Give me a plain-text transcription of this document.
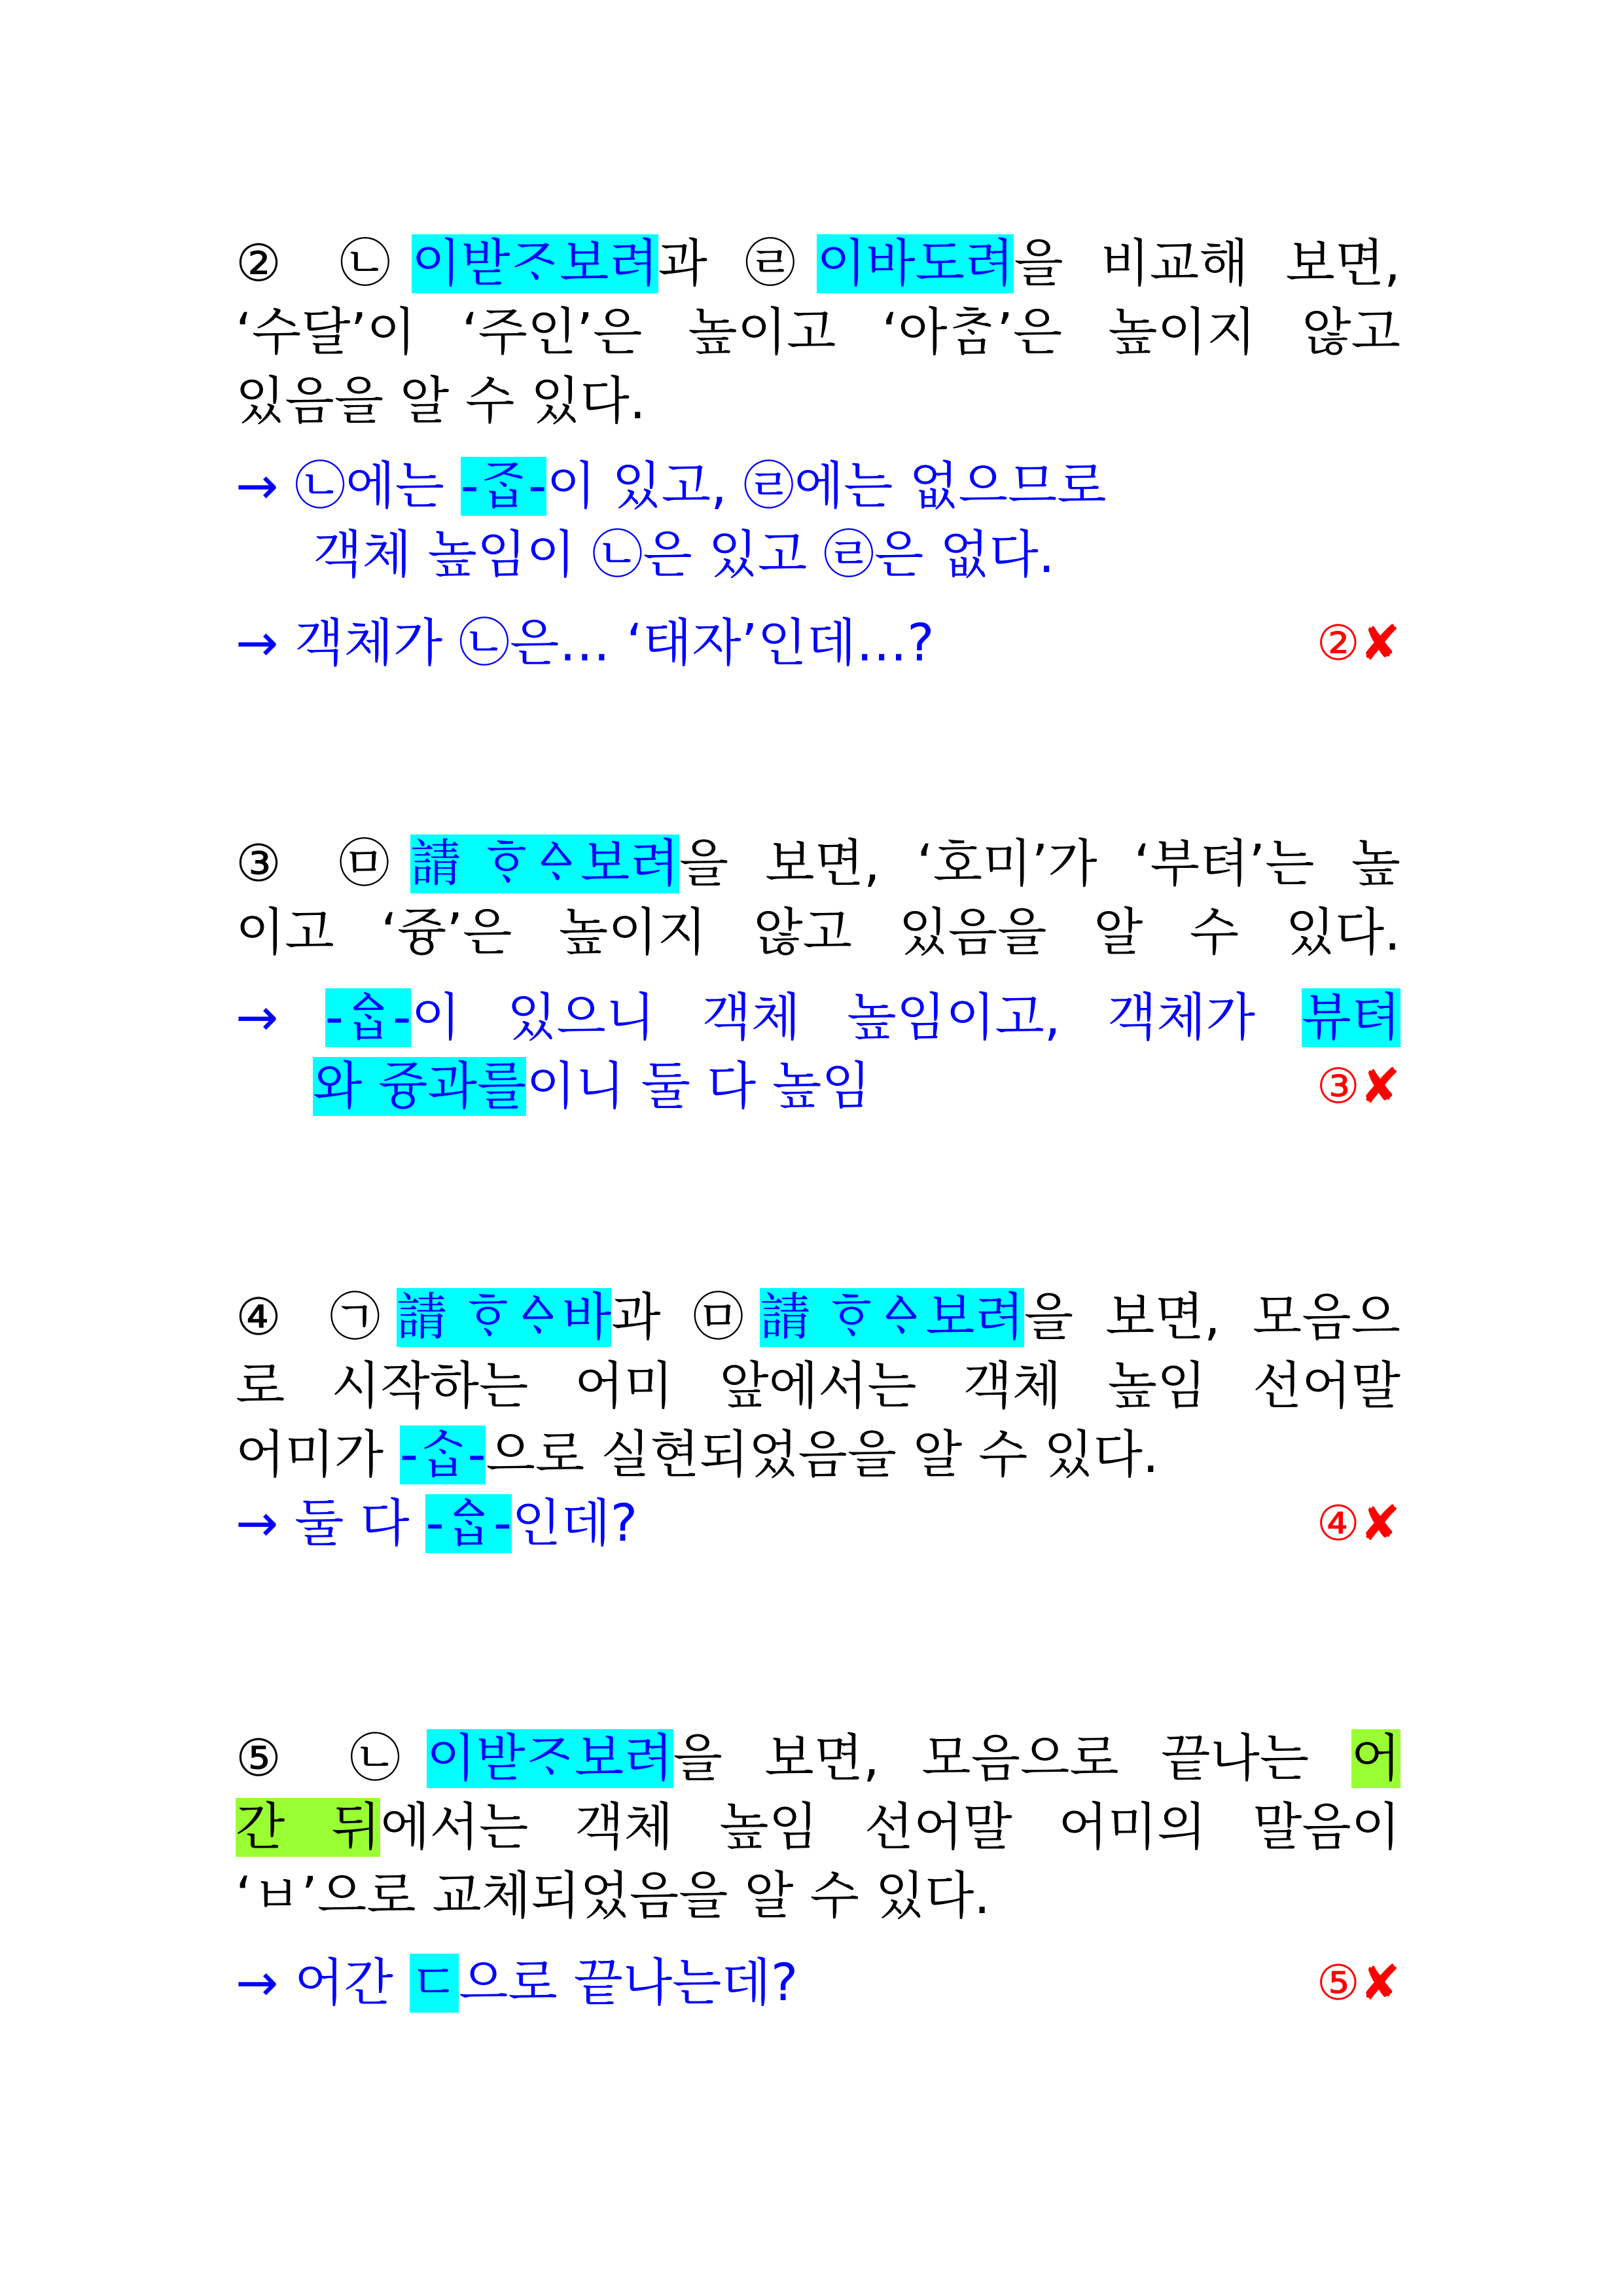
② ㉡이받ᄌᆞ보려과 ㉣이바도려을 비교해 보면,
‘수달’이 ‘주인’은 높이고 ‘아ᄎᆞᆷ’은 높이지 않고
있음을 알 수 있다.
→ ㉡에는 -ᄌᆞᆸ-이 있고, ㉣에는 없으므로
객체 높임이 ㉡은 있고 ㉣은 없다.
→ 객체가 ㉡은… ‘태자’인데…?	②✘
③ ㉤請ᄒᆞᅀᆞ보려을 보면, ‘호미’가 ‘부텨’는 높
이고 ‘즁’은 높이지 않고 있음을 알 수 있다.
→ -ᅀᆞᆸ-이 있으니 객체 높임이고, 객체가 뷰텨
와 즁과를이니 둘 다 높임	③✘
④ ㉠請ᄒᆞᅀᆞ바과 ㉤請ᄒᆞᅀᆞ보려을 보면, 모음으
로 시작하는 어미 앞에서는 객체 높임 선어말
어미가 -ᄉᆞᆸ-으로 실현되었음을 알 수 있다.
→ 둘 다 -ᅀᆞᆸ-인데?	④✘
⑤ ㉡이받ᄌᆞ보려을 보면, 모음으로 끝나는 어
간 뒤에서는 객체 높임 선어말 어미의 말음이
‘ㅂ’으로 교체되었음을 알 수 있다.
→ 어간 ㄷ으로 끝나는데?	⑤✘
